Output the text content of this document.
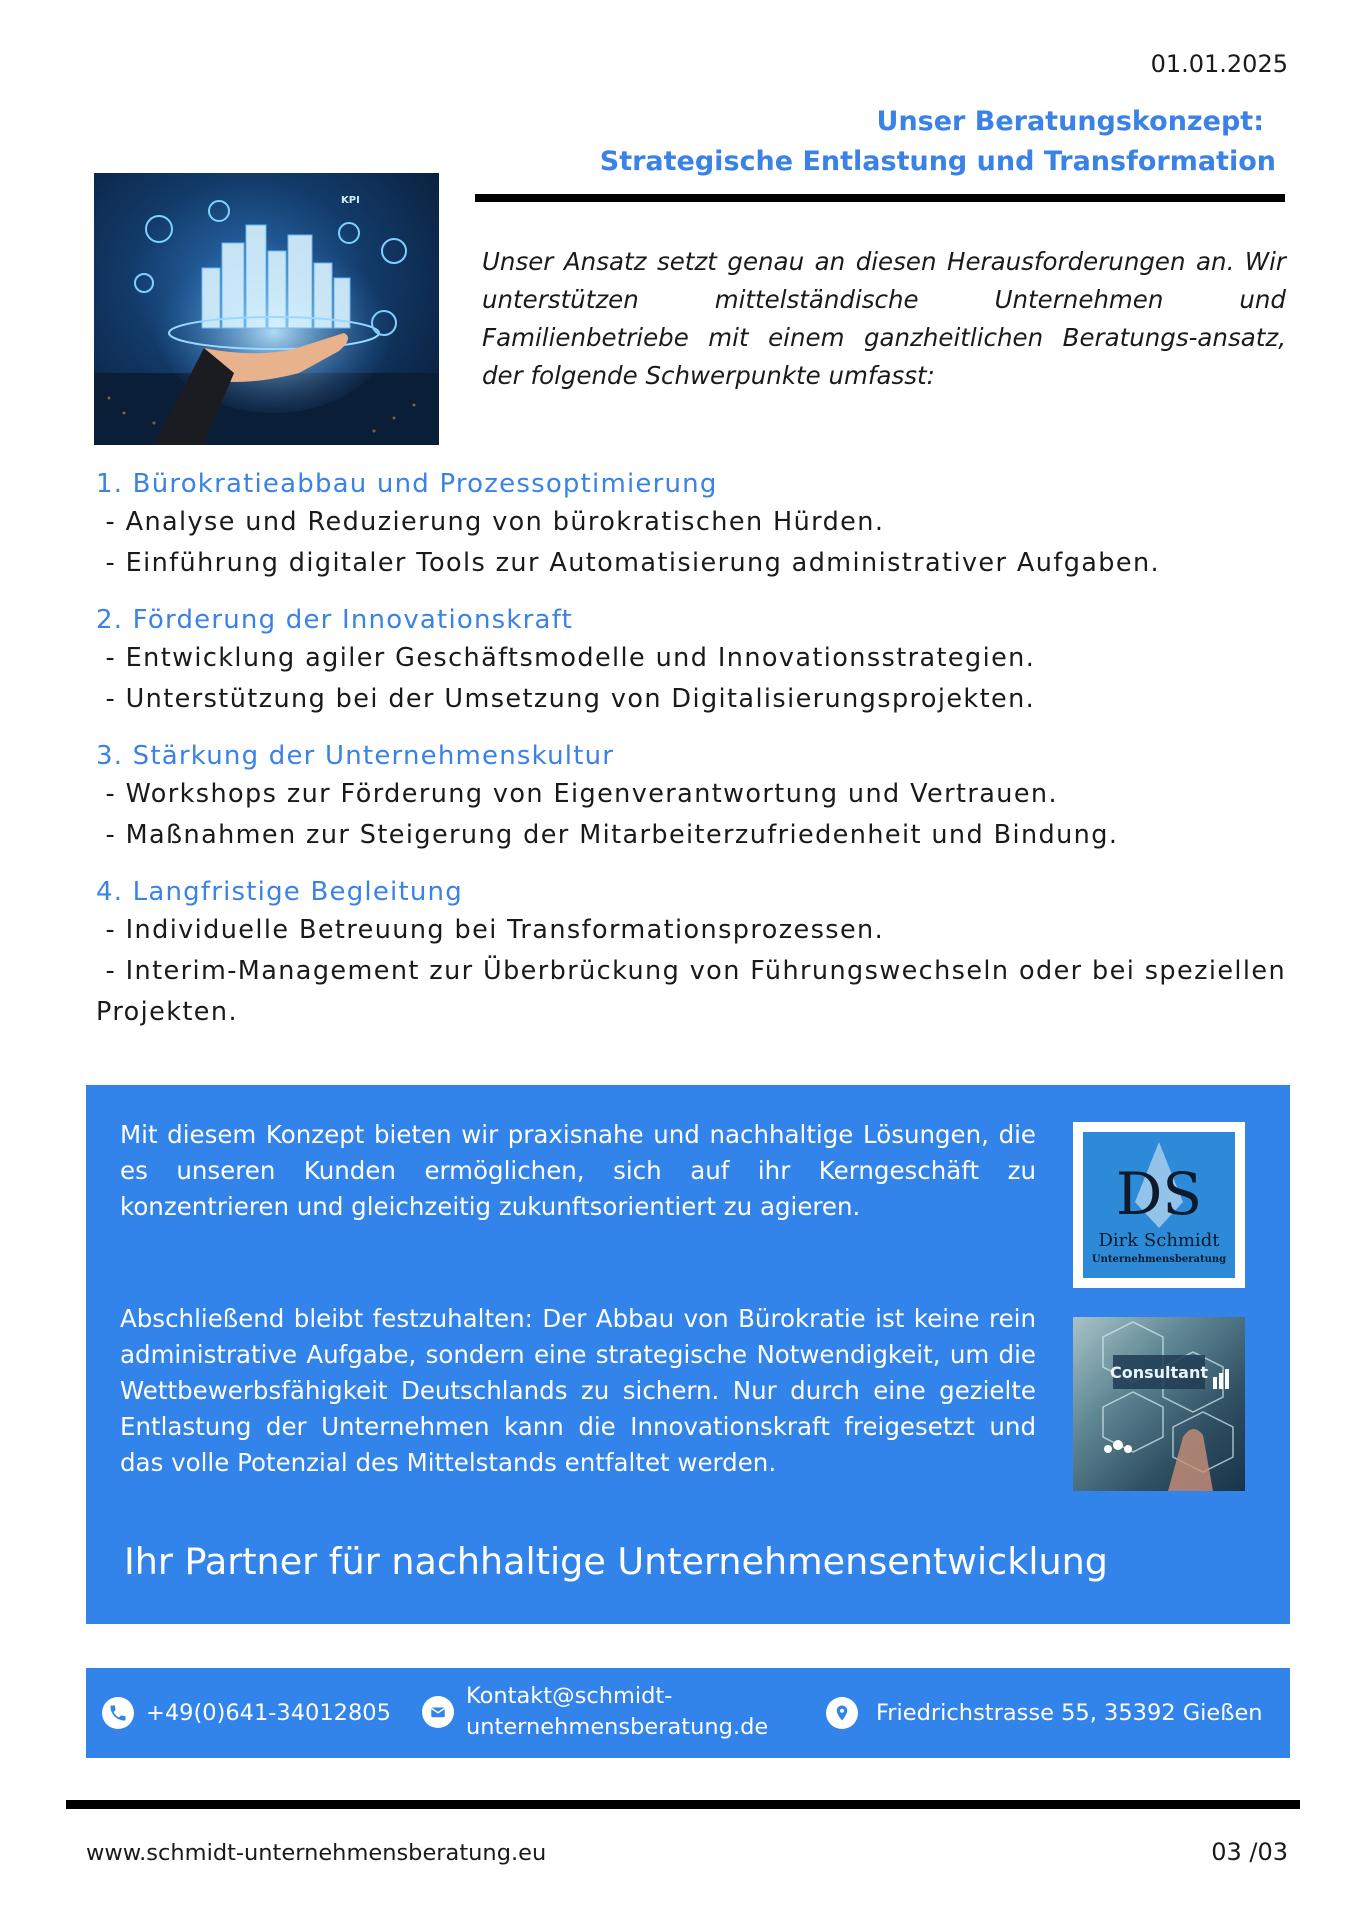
01.01.2025
Unser Beratungskonzept:
Strategische Entlastung und Transformation
KPI
Unser Ansatz setzt genau an diesen Herausforderungen an. Wir unterstützen mittelständische Unternehmen und Familienbetriebe mit einem ganzheitlichen Beratungs-ansatz, der folgende Schwerpunkte umfasst:
1. Bürokratieabbau und Prozessoptimierung
- Analyse und Reduzierung von bürokratischen Hürden.
- Einführung digitaler Tools zur Automatisierung administrativer Aufgaben.
2. Förderung der Innovationskraft
- Entwicklung agiler Geschäftsmodelle und Innovationsstrategien.
- Unterstützung bei der Umsetzung von Digitalisierungsprojekten.
3. Stärkung der Unternehmenskultur
- Workshops zur Förderung von Eigenverantwortung und Vertrauen.
- Maßnahmen zur Steigerung der Mitarbeiterzufriedenheit und Bindung.
4. Langfristige Begleitung
- Individuelle Betreuung bei Transformationsprozessen.
- Interim-Management zur Überbrückung von Führungswechseln oder bei speziellen Projekten.

Mit diesem Konzept bieten wir praxisnahe und nachhaltige Lösungen, die es unseren Kunden ermöglichen, sich auf ihr Kerngeschäft zu konzentrieren und gleichzeitig zukunftsorientiert zu agieren.

Abschließend bleibt festzuhalten: Der Abbau von Bürokratie ist keine rein administrative Aufgabe, sondern eine strategische Notwendigkeit, um die Wettbewerbsfähigkeit Deutschlands zu sichern. Nur durch eine gezielte Entlastung der Unternehmen kann die Innovationskraft freigesetzt und das volle Potenzial des Mittelstands entfaltet werden.

Ihr Partner für nachhaltige Unternehmensentwicklung
DS
Dirk Schmidt
Unternehmensberatung
Consultant
+49(0)641-34012805
Kontakt@schmidt-
unternehmensberatung.de
Friedrichstrasse 55, 35392 Gießen
www.schmidt-unternehmensberatung.eu	03 /03
